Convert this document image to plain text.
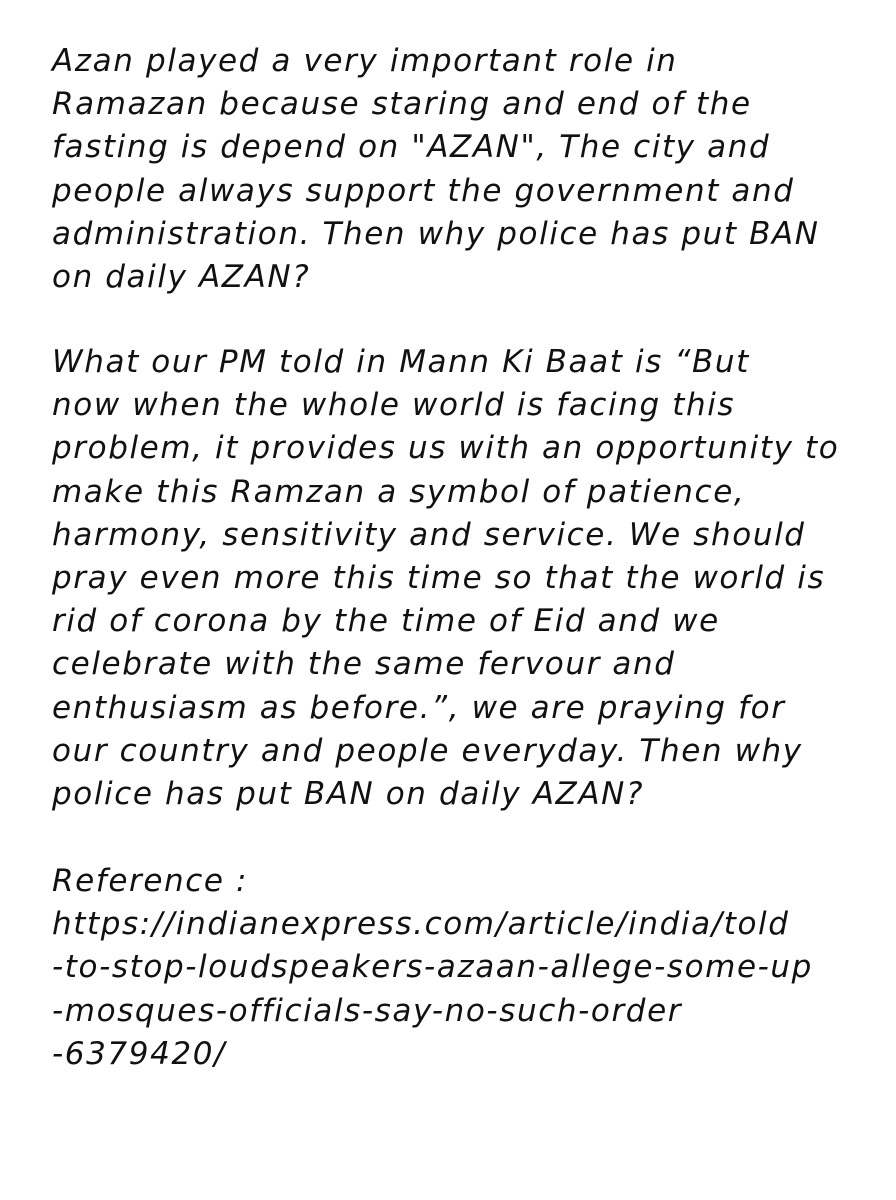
Azan played a very important role in
Ramazan because staring and end of the
fasting is depend on "AZAN", The city and
people always support the government and
administration. Then why police has put BAN
on daily AZAN?
What our PM told in Mann Ki Baat is “But
now when the whole world is facing this
problem, it provides us with an opportunity to
make this Ramzan a symbol of patience,
harmony, sensitivity and service. We should
pray even more this time so that the world is
rid of corona by the time of Eid and we
celebrate with the same fervour and
enthusiasm as before.”, we are praying for
our country and people everyday. Then why
police has put BAN on daily AZAN?
Reference :
https://indianexpress.com/article/india/told
-to-stop-loudspeakers-azaan-allege-some-up
-mosques-officials-say-no-such-order
-6379420/
